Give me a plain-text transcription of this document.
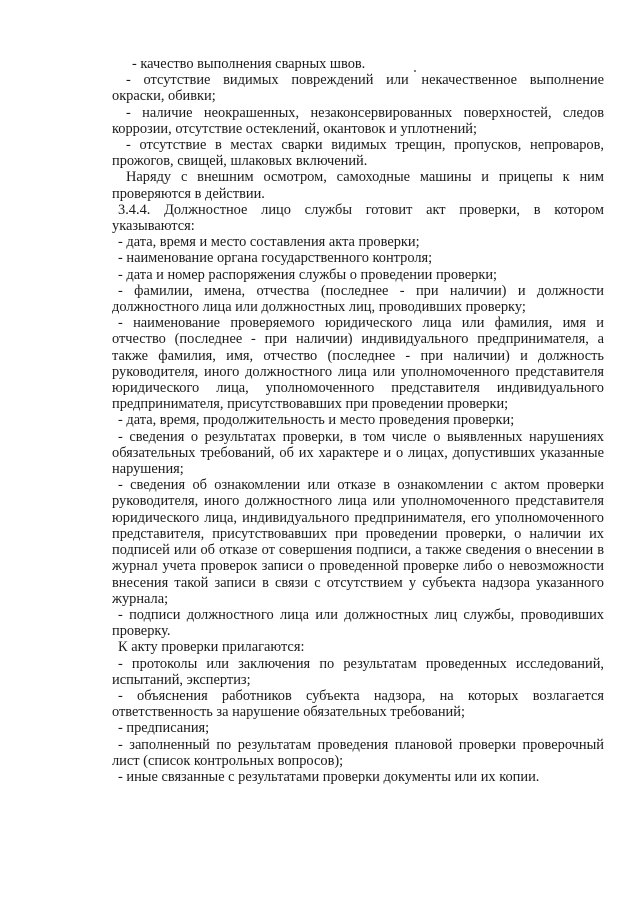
- качество выполнения сварных швов.

- отсутствие видимых повреждений или некачественное выполнение окраски, обивки;

- наличие неокрашенных, незаконсервированных поверхностей, следов коррозии, отсутствие остеклений, окантовок и уплотнений;

- отсутствие в местах сварки видимых трещин, пропусков, непроваров, прожогов, свищей, шлаковых включений.

Наряду с внешним осмотром, самоходные машины и прицепы к ним проверяются в действии.

3.4.4. Должностное лицо службы готовит акт проверки, в котором указываются:

- дата, время и место составления акта проверки;

- наименование органа государственного контроля;

- дата и номер распоряжения службы о проведении проверки;

- фамилии, имена, отчества (последнее - при наличии) и должности должностного лица или должностных лиц, проводивших проверку;

- наименование проверяемого юридического лица или фамилия, имя и отчество (последнее - при наличии) индивидуального предпринимателя, а также фамилия, имя, отчество (последнее - при наличии) и должность руководителя, иного должностного лица или уполномоченного представителя юридического лица, уполномоченного представителя индивидуального предпринимателя, присутствовавших при проведении проверки;

- дата, время, продолжительность и место проведения проверки;

- сведения о результатах проверки, в том числе о выявленных нарушениях обязательных требований, об их характере и о лицах, допустивших указанные нарушения;

- сведения об ознакомлении или отказе в ознакомлении с актом проверки руководителя, иного должностного лица или уполномоченного представителя юридического лица, индивидуального предпринимателя, его уполномоченного представителя, присутствовавших при проведении проверки, о наличии их подписей или об отказе от совершения подписи, а также сведения о внесении в журнал учета проверок записи о проведенной проверке либо о невозможности внесения такой записи в связи с отсутствием у субъекта надзора указанного журнала;

- подписи должностного лица или должностных лиц службы, проводивших проверку.

К акту проверки прилагаются:

- протоколы или заключения по результатам проведенных исследований, испытаний, экспертиз;

- объяснения работников субъекта надзора, на которых возлагается ответственность за нарушение обязательных требований;

- предписания;

- заполненный по результатам проведения плановой проверки проверочный лист (список контрольных вопросов);

- иные связанные с результатами проверки документы или их копии.
